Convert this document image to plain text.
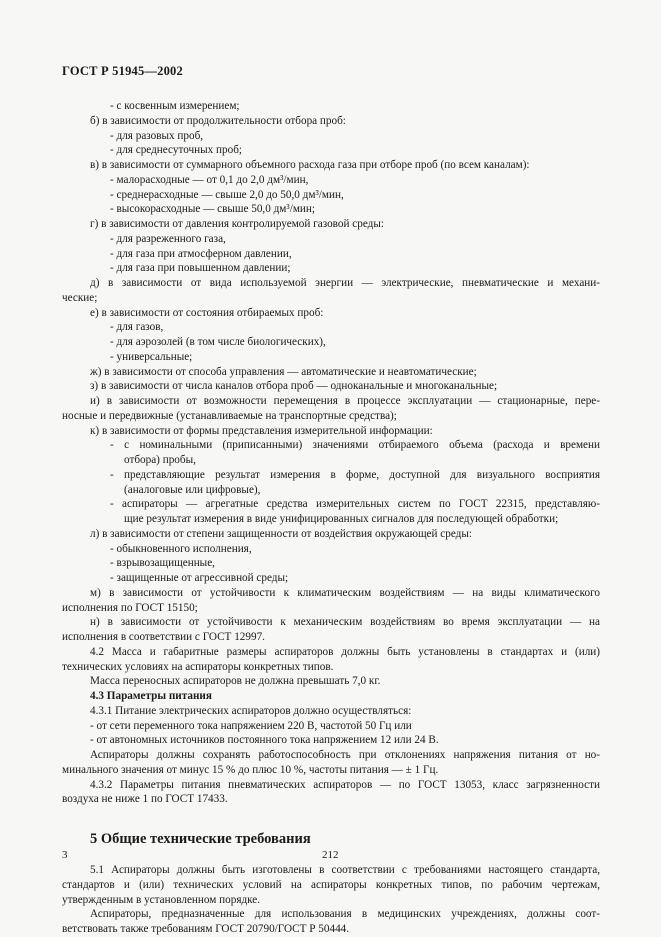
ГОСТ Р 51945—2002
- с косвенным измерением;
б) в зависимости от продолжительности отбора проб:
- для разовых проб,
- для среднесуточных проб;
в) в зависимости от суммарного объемного расхода газа при отборе проб (по всем каналам):
- малорасходные — от 0,1 до 2,0 дм³/мин,
- среднерасходные — свыше 2,0 до 50,0 дм³/мин,
- высокорасходные — свыше 50,0 дм³/мин;
г) в зависимости от давления контролируемой газовой среды:
- для разреженного газа,
- для газа при атмосферном давлении,
- для газа при повышенном давлении;
д) в зависимости от вида используемой энергии — электрические, пневматические и механи-
ческие;
е) в зависимости от состояния отбираемых проб:
- для газов,
- для аэрозолей (в том числе биологических),
- универсальные;
ж) в зависимости от способа управления — автоматические и неавтоматические;
з) в зависимости от числа каналов отбора проб — одноканальные и многоканальные;
и) в зависимости от возможности перемещения в процессе эксплуатации — стационарные, пере-
носные и передвижные (устанавливаемые на транспортные средства);
к) в зависимости от формы представления измерительной информации:
- с номинальными (приписанными) значениями отбираемого объема (расхода и времени
отбора) пробы,
- представляющие результат измерения в форме, доступной для визуального восприятия
(аналоговые или цифровые),
- аспираторы — агрегатные средства измерительных систем по ГОСТ 22315, представляю-
щие результат измерения в виде унифицированных сигналов для последующей обработки;
л) в зависимости от степени защищенности от воздействия окружающей среды:
- обыкновенного исполнения,
- взрывозащищенные,
- защищенные от агрессивной среды;
м) в зависимости от устойчивости к климатическим воздействиям — на виды климатического
исполнения по ГОСТ 15150;
н) в зависимости от устойчивости к механическим воздействиям во время эксплуатации — на
исполнения в соответствии с ГОСТ 12997.
4.2 Масса и габаритные размеры аспираторов должны быть установлены в стандартах и (или)
технических условиях на аспираторы конкретных типов.
Масса переносных аспираторов не должна превышать 7,0 кг.
4.3 Параметры питания
4.3.1 Питание электрических аспираторов должно осуществляться:
- от сети переменного тока напряжением 220 В, частотой 50 Гц или
- от автономных источников постоянного тока напряжением 12 или 24 В.
Аспираторы должны сохранять работоспособность при отклонениях напряжения питания от но-
минального значения от минус 15 % до плюс 10 %, частоты питания — ± 1 Гц.
4.3.2 Параметры питания пневматических аспираторов — по ГОСТ 13053, класс загрязненности
воздуха не ниже 1 по ГОСТ 17433.
5 Общие технические требования
5.1 Аспираторы должны быть изготовлены в соответствии с требованиями настоящего стандарта,
стандартов и (или) технических условий на аспираторы конкретных типов, по рабочим чертежам,
утвержденным в установленном порядке.
Аспираторы, предназначенные для использования в медицинских учреждениях, должны соот-
ветствовать также требованиям ГОСТ 20790/ГОСТ Р 50444.
3	212
